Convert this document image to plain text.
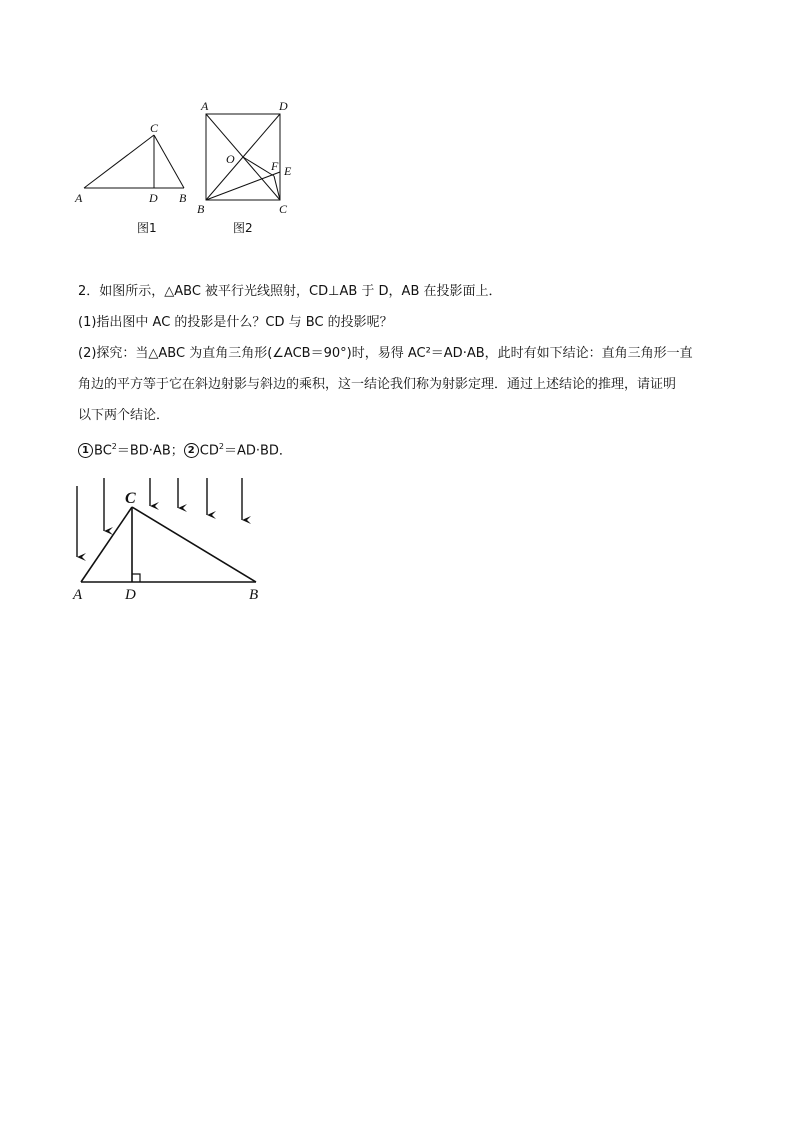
A	D B
C
图1
A	D
O	F E
B	C
图2

2．如图所示，△ABC 被平行光线照射，CD⊥AB 于 D，AB 在投影面上．

(1)指出图中 AC 的投影是什么？CD 与 BC 的投影呢？

(2)探究：当△ABC 为直角三角形(∠ACB＝90°)时，易得 AC²＝AD·AB，此时有如下结论：直角三角形一直

角边的平方等于它在斜边射影与斜边的乘积，这一结论我们称为射影定理．通过上述结论的推理，请证明

以下两个结论．

1 $BC^2=BD\cdot AB$； 2 $CD^2=AD\cdot BD$．

C
A	D	B
